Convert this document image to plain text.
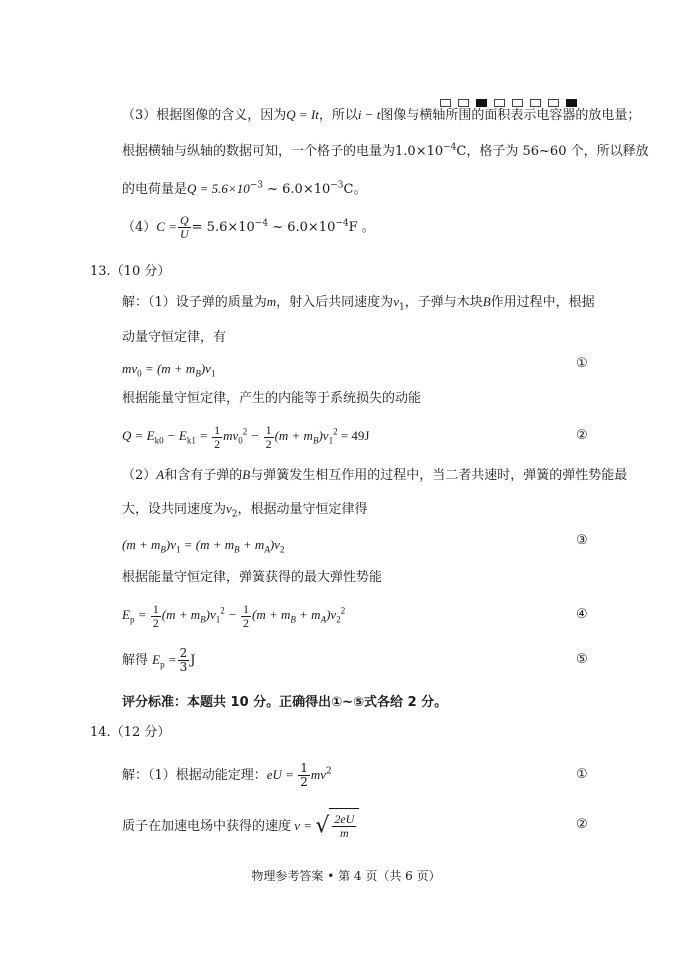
（3）根据图像的含义，因为Q = It，所以i − t图像与横轴所围的面积表示电容器的放电量；
根据横轴与纵轴的数据可知，一个格子的电量为$1.0\times 10^{-4}C$，格子为 56~60 个，所以释放
的电荷量是$Q = 5.6\times 10^{-3}$ ~ $6.0\times 10^{-3}C$。
$(4)C = \frac{Q}{U} = 5.6\times 10^{-4}$ ~ $6.0\times 10^{-4}F$ 。
13.（10 分）
解：（1）设子弹的质量为m，射入后共同速度为$v_1$，子弹与木块B作用过程中，根据
动量守恒定律，有
$mv_0 = (m + m_B)v_1$
①
根据能量守恒定律，产生的内能等于系统损失的动能
$Q = E_{k0} - E_{k1} = \frac{1}{2} mv_0^2 - \frac{1}{2} (m + m_B)v_1^2 = 49J$	②
（2）A和含有子弹的B与弹簧发生相互作用的过程中，当二者共速时，弹簧的弹性势能最
大，设共同速度为$v_2$，根据动量守恒定律得
$(m + m_B)v_1 = (m + m_B + m_A)v_2$
③
根据能量守恒定律，弹簧获得的最大弹性势能
$E_p = \frac{1}{2} (m + m_B)v_1^2 - \frac{1}{2} (m + m_B + m_A)v_2^2$	④
解得 $E_p = \frac{2}{3}$ J	⑤
评分标准：本题共 10 分。正确得出①~⑤式各给 2 分。
14.（12 分）
解：（1）根据动能定理：eU = $\frac{1}{2} mv^2$	①
质子在加速电场中获得的速度 v = √ $\frac{2eU}{m}$	②
物理参考答案 • 第 4 页（共 6 页）
